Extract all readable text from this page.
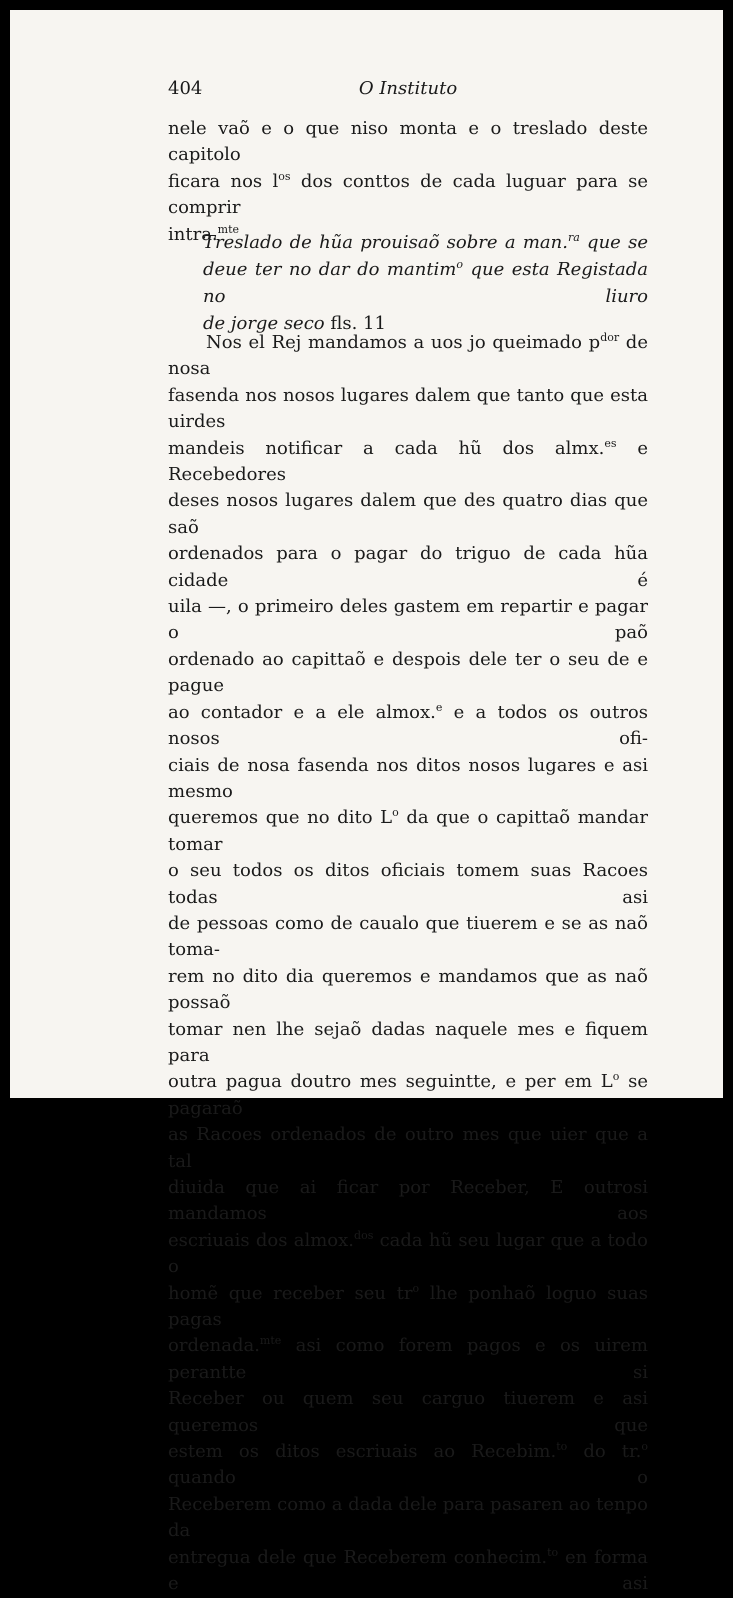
404	O Instituto
nele vaõ e o que niso monta e o treslado deste capitolo
ficara nos $l^{os}$ dos conttos de cada luguar para se comprir
intra.$^{mte}$
Treslado de hũa prouisaõ sobre a man.$^{ra}$ que se
deue ter no dar do mantim$^o$ que esta Registada no liuro
de jorge seco fls. 11
Nos el Rej mandamos a uos jo queimado $p^{dor}$ de nosa
fasenda nos nosos lugares dalem que tanto que esta uirdes
mandeis notificar a cada hũ dos almx.$^{es}$ e Recebedores
deses nosos lugares dalem que des quatro dias que saõ
ordenados para o pagar do triguo de cada hũa cidade é
uila —, o primeiro deles gastem em repartir e pagar o paõ
ordenado ao capittaõ e despois dele ter o seu de e pague
ao contador e a ele almox.$^e$ e a todos os outros nosos ofi-
ciais de nosa fasenda nos ditos nosos lugares e asi mesmo
queremos que no dito $L^o$ da que o capittaõ mandar tomar
o seu todos os ditos oficiais tomem suas Racoes todas asi
de pessoas como de caualo que tiuerem e se as naõ toma-
rem no dito dia queremos e mandamos que as naõ possaõ
tomar nen lhe sejaõ dadas naquele mes e fiquem para
outra pagua doutro mes seguintte, e per em $L^o$ se pagaraõ
as Racoes ordenados de outro mes que uier que a tal
diuida que ai ficar por Receber, E outrosi mandamos aos
escriuais dos almox.$^{dos}$ cada hũ seu lugar que a todo o
homẽ que receber seu $tr^o$ lhe ponhaõ loguo suas pagas
ordenada.$^{mte}$ asi como forem pagos e os uirem perantte si
Receber ou quem seu carguo tiuerem e asi queremos que
estem os ditos escriuais ao Recebim.$^{to}$ do tr.$^o$ quando o
Receberem como a dada dele para pasaren ao tenpo da
entregua dele que Receberem conhecim.$^{to}$ en forma e asi
